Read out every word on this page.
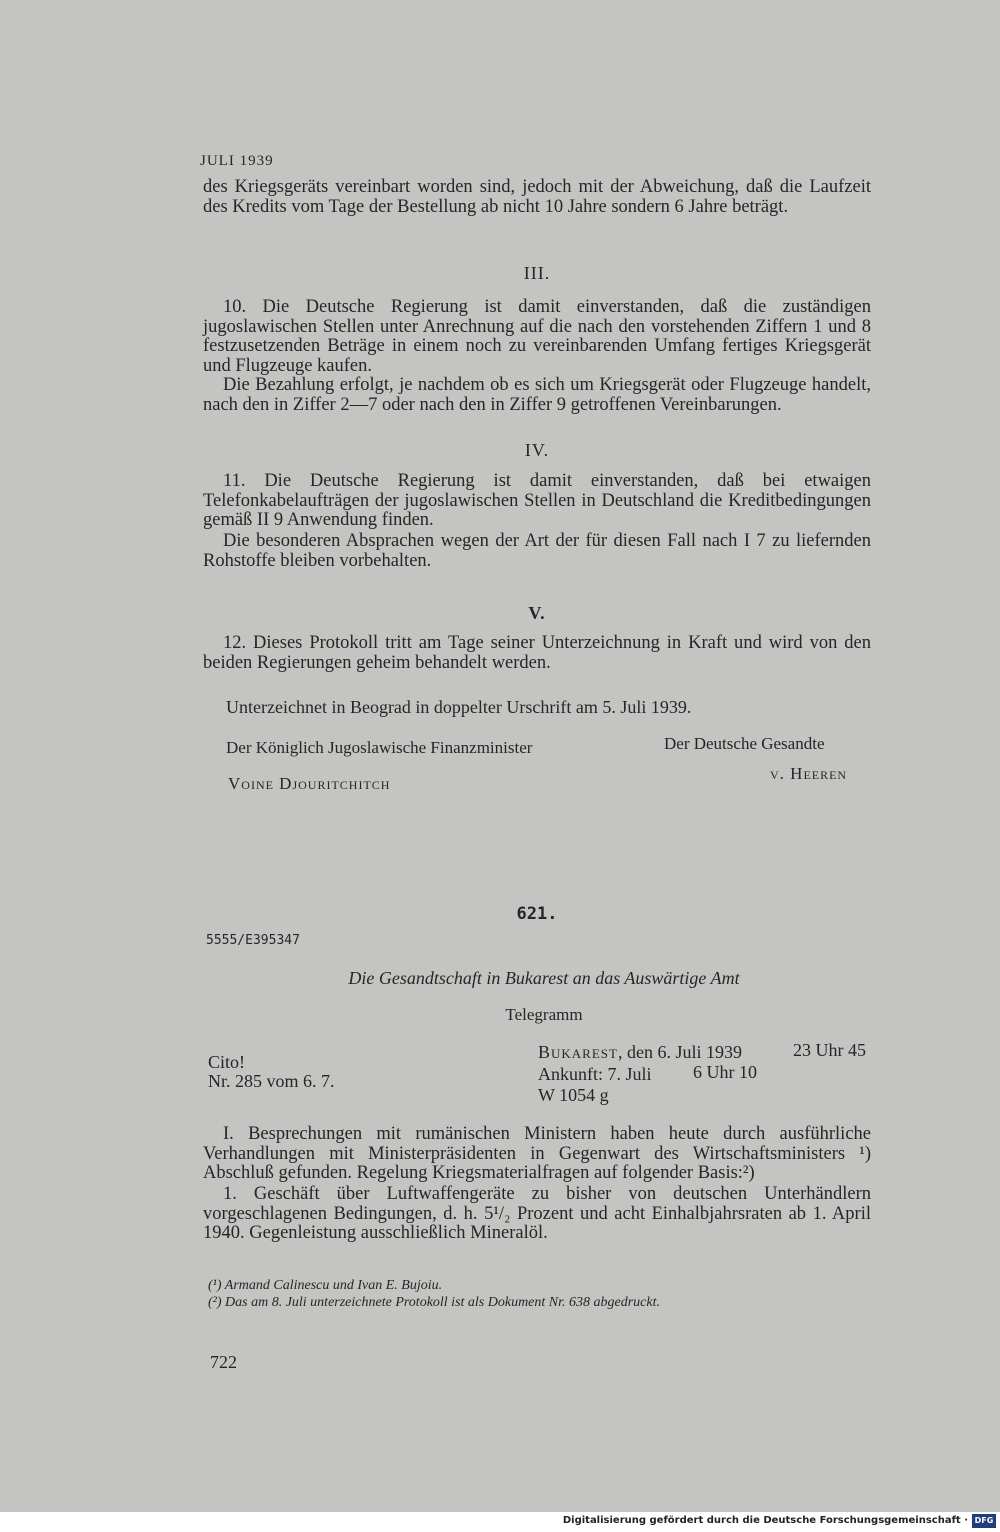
JULI 1939

des Kriegsgeräts vereinbart worden sind, jedoch mit der Abweichung, daß die Laufzeit des Kredits vom Tage der Bestellung ab nicht 10 Jahre sondern 6 Jahre beträgt.

III.

10. Die Deutsche Regierung ist damit einverstanden, daß die zuständigen jugoslawischen Stellen unter Anrechnung auf die nach den vorstehenden Ziffern 1 und 8 festzusetzenden Beträge in einem noch zu vereinbarenden Umfang fertiges Kriegsgerät und Flugzeuge kaufen.

Die Bezahlung erfolgt, je nachdem ob es sich um Kriegsgerät oder Flugzeuge handelt, nach den in Ziffer 2—7 oder nach den in Ziffer 9 getroffenen Vereinbarungen.

IV.

11. Die Deutsche Regierung ist damit einverstanden, daß bei etwaigen Telefonkabelaufträgen der jugoslawischen Stellen in Deutschland die Kreditbedingungen gemäß II 9 Anwendung finden.

Die besonderen Absprachen wegen der Art der für diesen Fall nach I 7 zu liefernden Rohstoffe bleiben vorbehalten.

V.

12. Dieses Protokoll tritt am Tage seiner Unterzeichnung in Kraft und wird von den beiden Regierungen geheim behandelt werden.

Unterzeichnet in Beograd in doppelter Urschrift am 5. Juli 1939.
Der Königlich Jugoslawische Finanzminister	Der Deutsche Gesandte
Voine Djouritchitch
v. Heeren
621.
5555/E395347
Die Gesandtschaft in Bukarest an das Auswärtige Amt
Telegramm
Cito!
Nr. 285 vom 6. 7.
Bukarest, den 6. Juli 1939	23 Uhr 45
Ankunft: 7. Juli 6 Uhr 10
W 1054 g

I. Besprechungen mit rumänischen Ministern haben heute durch ausführliche Verhandlungen mit Ministerpräsidenten in Gegenwart des Wirtschaftsministers ¹) Abschluß gefunden. Regelung Kriegsmaterialfragen auf folgender Basis:²)

1. Geschäft über Luftwaffengeräte zu bisher von deutschen Unterhändlern vorgeschlagenen Bedingungen, d. h. 5¹/₂ Prozent und acht Einhalbjahrsraten ab 1. April 1940. Gegenleistung ausschließlich Mineralöl.

(¹) Armand Calinescu und Ivan E. Bujoiu.
(²) Das am 8. Juli unterzeichnete Protokoll ist als Dokument Nr. 638 abgedruckt.
722
Digitalisierung gefördert durch die Deutsche Forschungsgemeinschaft · DFG
